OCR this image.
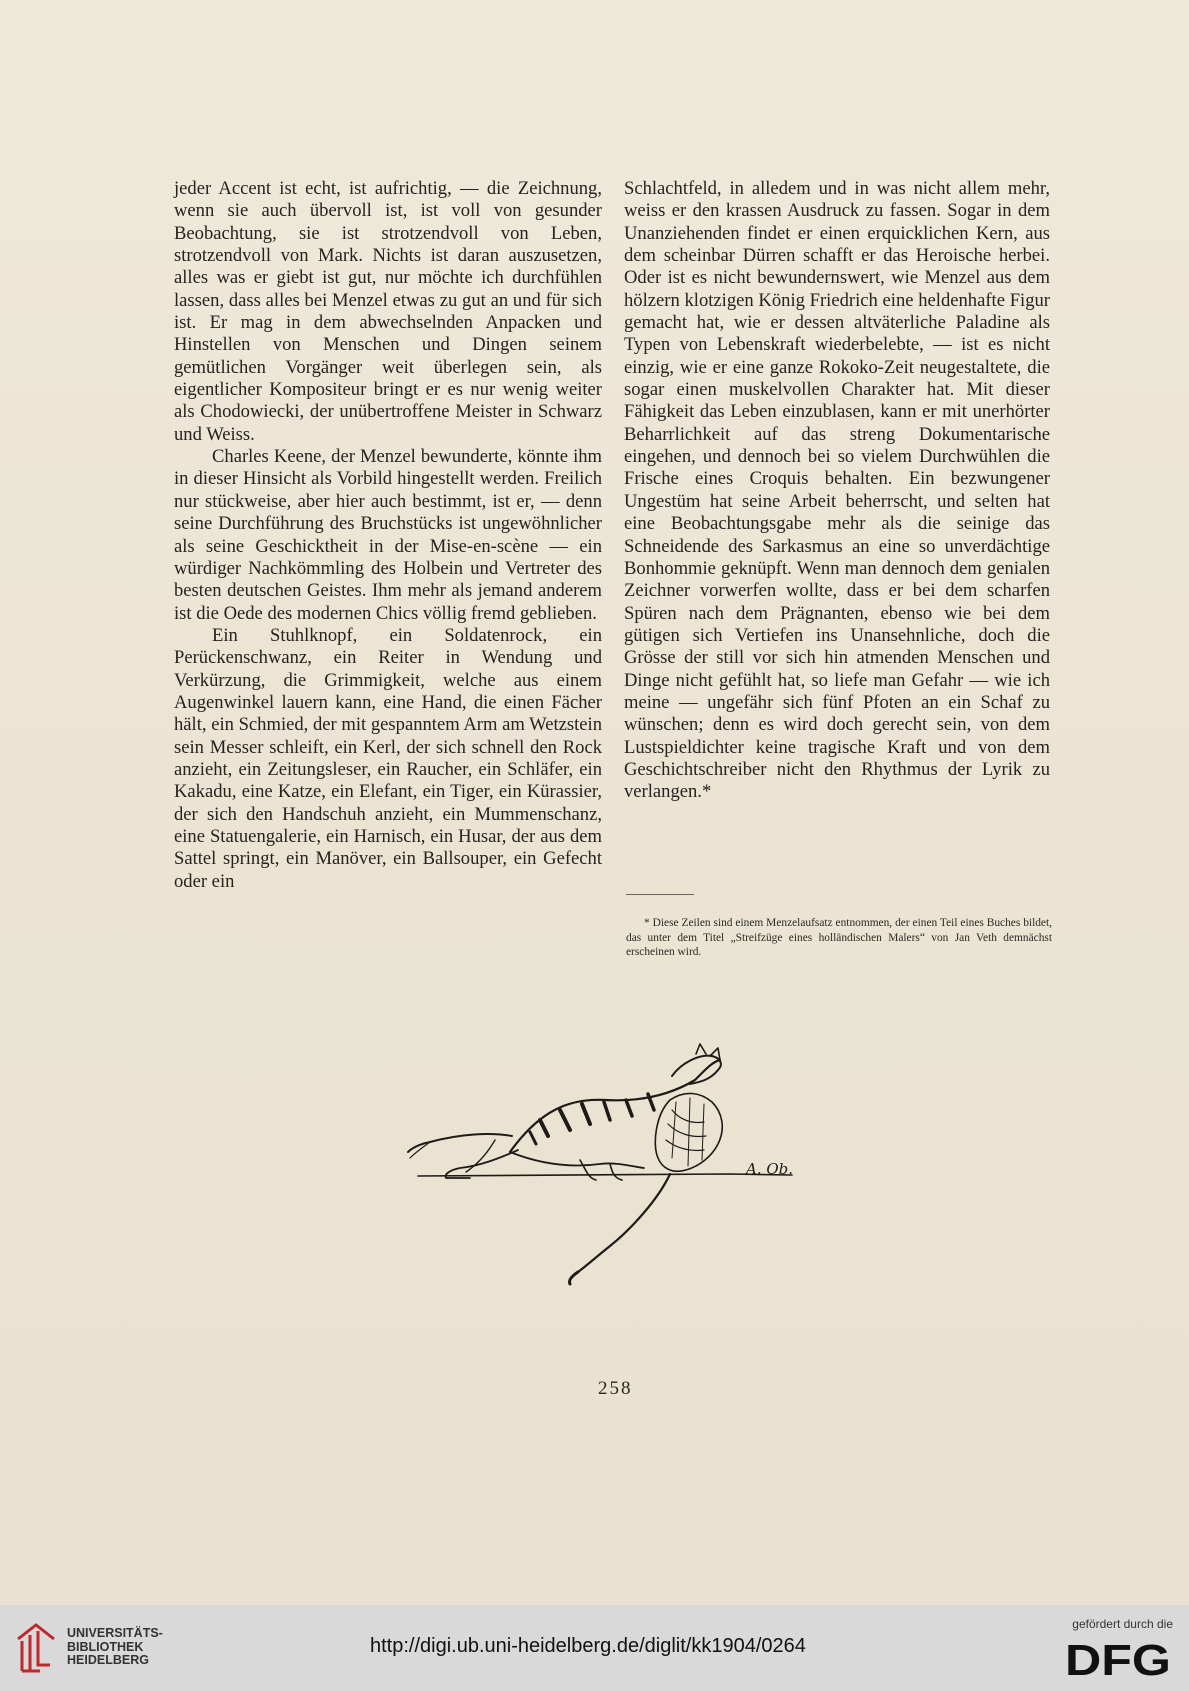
jeder Accent ist echt, ist aufrichtig, — die Zeichnung, wenn sie auch übervoll ist, ist voll von gesunder Beobachtung, sie ist strotzendvoll von Leben, strotzendvoll von Mark. Nichts ist daran auszusetzen, alles was er giebt ist gut, nur möchte ich durchfühlen lassen, dass alles bei Menzel etwas zu gut an und für sich ist. Er mag in dem abwechselnden Anpacken und Hinstellen von Menschen und Dingen seinem gemütlichen Vorgänger weit überlegen sein, als eigentlicher Kompositeur bringt er es nur wenig weiter als Chodowiecki, der unübertroffene Meister in Schwarz und Weiss.

Charles Keene, der Menzel bewunderte, könnte ihm in dieser Hinsicht als Vorbild hingestellt werden. Freilich nur stückweise, aber hier auch bestimmt, ist er, — denn seine Durchführung des Bruchstücks ist ungewöhnlicher als seine Geschicktheit in der Mise-en-scène — ein würdiger Nachkömmling des Holbein und Vertreter des besten deutschen Geistes. Ihm mehr als jemand anderem ist die Oede des modernen Chics völlig fremd geblieben.

Ein Stuhlknopf, ein Soldatenrock, ein Perückenschwanz, ein Reiter in Wendung und Verkürzung, die Grimmigkeit, welche aus einem Augenwinkel lauern kann, eine Hand, die einen Fächer hält, ein Schmied, der mit gespanntem Arm am Wetzstein sein Messer schleift, ein Kerl, der sich schnell den Rock anzieht, ein Zeitungsleser, ein Raucher, ein Schläfer, ein Kakadu, eine Katze, ein Elefant, ein Tiger, ein Kürassier, der sich den Handschuh anzieht, ein Mummenschanz, eine Statuengalerie, ein Harnisch, ein Husar, der aus dem Sattel springt, ein Manöver, ein Ballsouper, ein Gefecht oder ein

Schlachtfeld, in alledem und in was nicht allem mehr, weiss er den krassen Ausdruck zu fassen. Sogar in dem Unanziehenden findet er einen erquicklichen Kern, aus dem scheinbar Dürren schafft er das Heroische herbei. Oder ist es nicht bewundernswert, wie Menzel aus dem hölzern klotzigen König Friedrich eine heldenhafte Figur gemacht hat, wie er dessen altväterliche Paladine als Typen von Lebenskraft wiederbelebte, — ist es nicht einzig, wie er eine ganze Rokoko-Zeit neugestaltete, die sogar einen muskelvollen Charakter hat. Mit dieser Fähigkeit das Leben einzublasen, kann er mit unerhörter Beharrlichkeit auf das streng Dokumentarische eingehen, und dennoch bei so vielem Durchwühlen die Frische eines Croquis behalten. Ein bezwungener Ungestüm hat seine Arbeit beherrscht, und selten hat eine Beobachtungsgabe mehr als die seinige das Schneidende des Sarkasmus an eine so unverdächtige Bonhommie geknüpft. Wenn man dennoch dem genialen Zeichner vorwerfen wollte, dass er bei dem scharfen Spüren nach dem Prägnanten, ebenso wie bei dem gütigen sich Vertiefen ins Unansehnliche, doch die Grösse der still vor sich hin atmenden Menschen und Dinge nicht gefühlt hat, so liefe man Gefahr — wie ich meine — ungefähr sich fünf Pfoten an ein Schaf zu wünschen; denn es wird doch gerecht sein, von dem Lustspieldichter keine tragische Kraft und von dem Geschichtschreiber nicht den Rhythmus der Lyrik zu verlangen.*

* Diese Zeilen sind einem Menzelaufsatz entnommen, der einen Teil eines Buches bildet, das unter dem Titel „Streifzüge eines holländischen Malers“ von Jan Veth demnächst erscheinen wird.

A. Ob.
258
UNIVERSITÄTS-
BIBLIOTHEK
HEIDELBERG
http://digi.ub.uni-heidelberg.de/diglit/kk1904/0264
gefördert durch die
DFG
